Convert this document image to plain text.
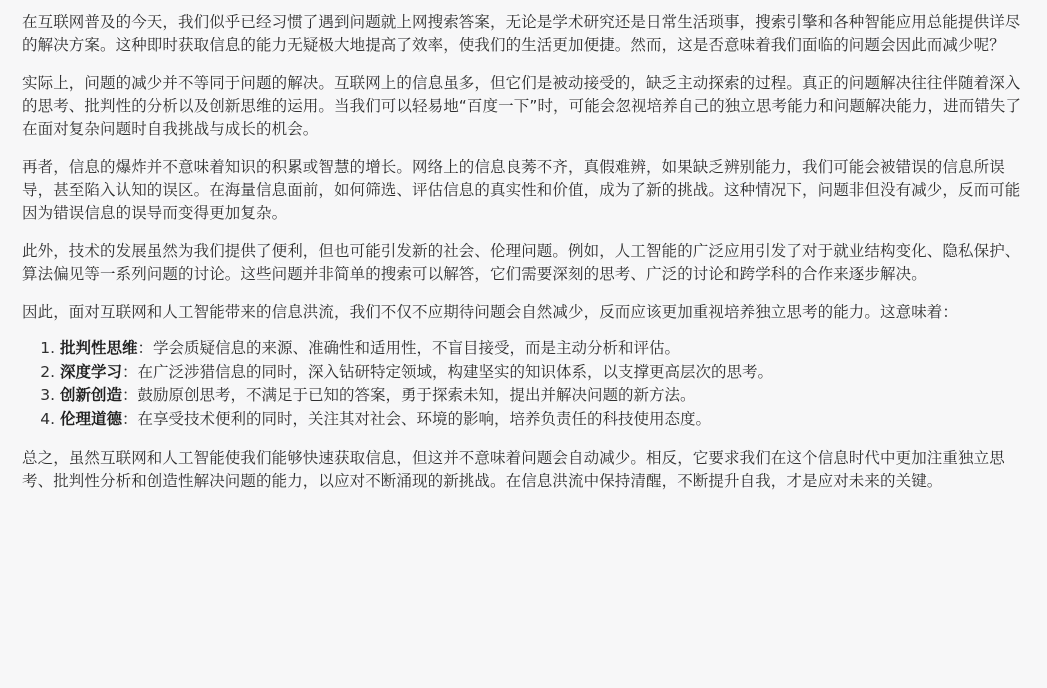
在互联网普及的今天，我们似乎已经习惯了遇到问题就上网搜索答案，无论是学术研究还是日常生活琐事，搜索引擎和各种智能应用总能提供详尽的解决方案。这种即时获取信息的能力无疑极大地提高了效率，使我们的生活更加便捷。然而，这是否意味着我们面临的问题会因此而减少呢？

实际上，问题的减少并不等同于问题的解决。互联网上的信息虽多，但它们是被动接受的，缺乏主动探索的过程。真正的问题解决往往伴随着深入的思考、批判性的分析以及创新思维的运用。当我们可以轻易地“百度一下”时，可能会忽视培养自己的独立思考能力和问题解决能力，进而错失了在面对复杂问题时自我挑战与成长的机会。

再者，信息的爆炸并不意味着知识的积累或智慧的增长。网络上的信息良莠不齐，真假难辨，如果缺乏辨别能力，我们可能会被错误的信息所误导，甚至陷入认知的误区。在海量信息面前，如何筛选、评估信息的真实性和价值，成为了新的挑战。这种情况下，问题非但没有减少，反而可能因为错误信息的误导而变得更加复杂。

此外，技术的发展虽然为我们提供了便利，但也可能引发新的社会、伦理问题。例如，人工智能的广泛应用引发了对于就业结构变化、隐私保护、算法偏见等一系列问题的讨论。这些问题并非简单的搜索可以解答，它们需要深刻的思考、广泛的讨论和跨学科的合作来逐步解决。

因此，面对互联网和人工智能带来的信息洪流，我们不仅不应期待问题会自然减少，反而应该更加重视培养独立思考的能力。这意味着：

1. 批判性思维：学会质疑信息的来源、准确性和适用性，不盲目接受，而是主动分析和评估。
2. 深度学习：在广泛涉猎信息的同时，深入钻研特定领域，构建坚实的知识体系，以支撑更高层次的思考。
3. 创新创造：鼓励原创思考，不满足于已知的答案，勇于探索未知，提出并解决问题的新方法。
4. 伦理道德：在享受技术便利的同时，关注其对社会、环境的影响，培养负责任的科技使用态度。

总之，虽然互联网和人工智能使我们能够快速获取信息，但这并不意味着问题会自动减少。相反，它要求我们在这个信息时代中更加注重独立思考、批判性分析和创造性解决问题的能力，以应对不断涌现的新挑战。在信息洪流中保持清醒，不断提升自我，才是应对未来的关键。
